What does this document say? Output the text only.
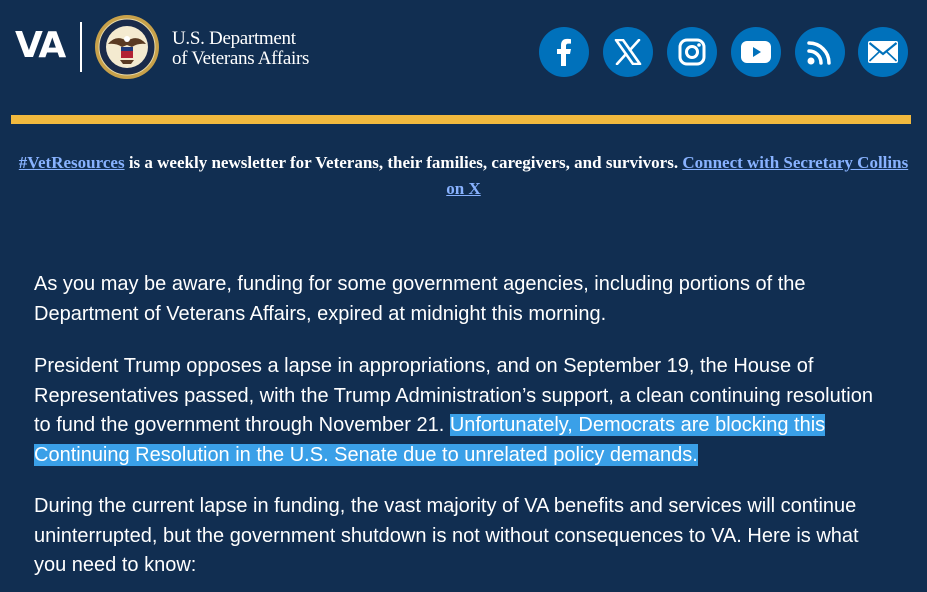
VA	U.S. Department
of Veterans Affairs
#VetResources is a weekly newsletter for Veterans, their families, caregivers, and survivors. Connect with Secretary Collins on X
As you may be aware, funding for some government agencies, including portions of the Department of Veterans Affairs, expired at midnight this morning.
President Trump opposes a lapse in appropriations, and on September 19, the House of Representatives passed, with the Trump Administration’s support, a clean continuing resolution to fund the government through November 21. Unfortunately, Democrats are blocking this Continuing Resolution in the U.S. Senate due to unrelated policy demands.
During the current lapse in funding, the vast majority of VA benefits and services will continue uninterrupted, but the government shutdown is not without consequences to VA. Here is what you need to know:
